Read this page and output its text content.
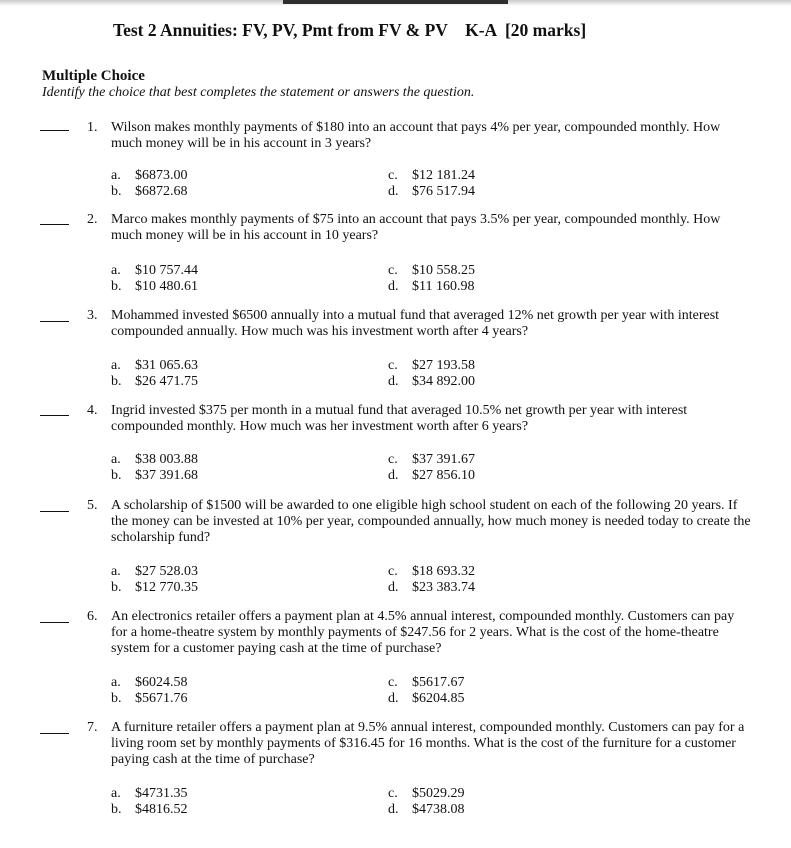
Test 2 Annuities: FV, PV, Pmt from FV & PV    K-A  [20 marks]
Multiple Choice
Identify the choice that best completes the statement or answers the question.
1. Wilson makes monthly payments of $180 into an account that pays 4% per year, compounded monthly. How much money will be in his account in 3 years?
a. $6873.00
b. $6872.68
c. $12 181.24
d. $76 517.94
2. Marco makes monthly payments of $75 into an account that pays 3.5% per year, compounded monthly. How much money will be in his account in 10 years?
a. $10 757.44
b. $10 480.61
c. $10 558.25
d. $11 160.98
3. Mohammed invested $6500 annually into a mutual fund that averaged 12% net growth per year with interest compounded annually. How much was his investment worth after 4 years?
a. $31 065.63
b. $26 471.75
c. $27 193.58
d. $34 892.00
4. Ingrid invested $375 per month in a mutual fund that averaged 10.5% net growth per year with interest compounded monthly. How much was her investment worth after 6 years?
a. $38 003.88
b. $37 391.68
c. $37 391.67
d. $27 856.10
5. A scholarship of $1500 will be awarded to one eligible high school student on each of the following 20 years. If the money can be invested at 10% per year, compounded annually, how much money is needed today to create the scholarship fund?
a. $27 528.03
b. $12 770.35
c. $18 693.32
d. $23 383.74
6. An electronics retailer offers a payment plan at 4.5% annual interest, compounded monthly. Customers can pay for a home-theatre system by monthly payments of $247.56 for 2 years. What is the cost of the home-theatre system for a customer paying cash at the time of purchase?
a. $6024.58
b. $5671.76
c. $5617.67
d. $6204.85
7. A furniture retailer offers a payment plan at 9.5% annual interest, compounded monthly. Customers can pay for a living room set by monthly payments of $316.45 for 16 months. What is the cost of the furniture for a customer paying cash at the time of purchase?
a. $4731.35
b. $4816.52
c. $5029.29
d. $4738.08
